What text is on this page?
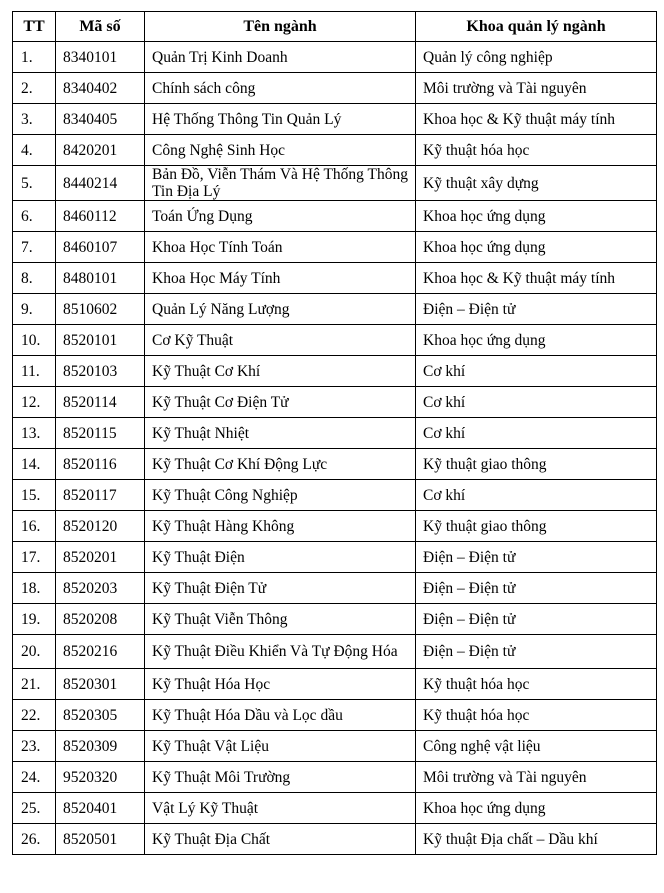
TT	Mã số	Tên ngành	Khoa quản lý ngành
1.	8340101	Quản Trị Kinh Doanh	Quản lý công nghiệp
2.	8340402	Chính sách công	Môi trường và Tài nguyên
3.	8340405	Hệ Thống Thông Tin Quản Lý	Khoa học & Kỹ thuật máy tính
4.	8420201	Công Nghệ Sinh Học	Kỹ thuật hóa học
5.	8440214	Bản Đồ, Viễn Thám Và Hệ Thống Thông Tin Địa Lý	Kỹ thuật xây dựng
6.	8460112	Toán Ứng Dụng	Khoa học ứng dụng
7.	8460107	Khoa Học Tính Toán	Khoa học ứng dụng
8.	8480101	Khoa Học Máy Tính	Khoa học & Kỹ thuật máy tính
9.	8510602	Quản Lý Năng Lượng	Điện – Điện tử
10.	8520101	Cơ Kỹ Thuật	Khoa học ứng dụng
11.	8520103	Kỹ Thuật Cơ Khí	Cơ khí
12.	8520114	Kỹ Thuật Cơ Điện Tử	Cơ khí
13.	8520115	Kỹ Thuật Nhiệt	Cơ khí
14.	8520116	Kỹ Thuật Cơ Khí Động Lực	Kỹ thuật giao thông
15.	8520117	Kỹ Thuật Công Nghiệp	Cơ khí
16.	8520120	Kỹ Thuật Hàng Không	Kỹ thuật giao thông
17.	8520201	Kỹ Thuật Điện	Điện – Điện tử
18.	8520203	Kỹ Thuật Điện Tử	Điện – Điện tử
19.	8520208	Kỹ Thuật Viễn Thông	Điện – Điện tử
20.	8520216	Kỹ Thuật Điều Khiển Và Tự Động Hóa	Điện – Điện tử
21.	8520301	Kỹ Thuật Hóa Học	Kỹ thuật hóa học
22.	8520305	Kỹ Thuật Hóa Dầu và Lọc dầu	Kỹ thuật hóa học
23.	8520309	Kỹ Thuật Vật Liệu	Công nghệ vật liệu
24.	9520320	Kỹ Thuật Môi Trường	Môi trường và Tài nguyên
25.	8520401	Vật Lý Kỹ Thuật	Khoa học ứng dụng
26.	8520501	Kỹ Thuật Địa Chất	Kỹ thuật Địa chất – Dầu khí
